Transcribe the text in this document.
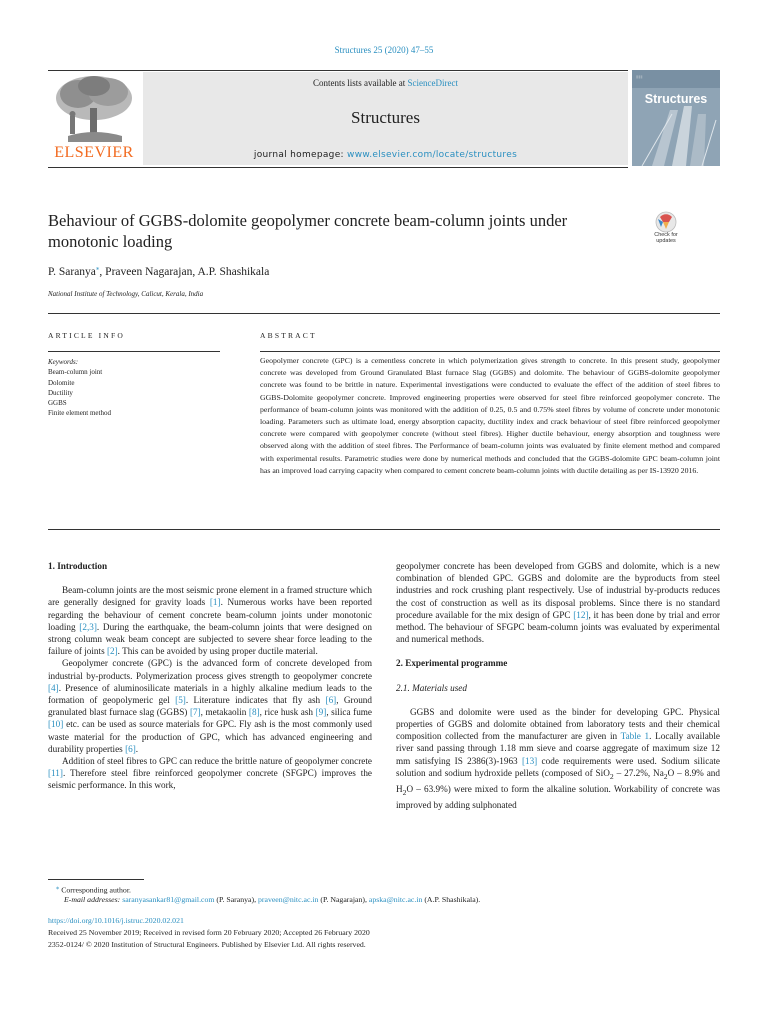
Structures 25 (2020) 47–55
ELSEVIER
Contents lists available at ScienceDirect
Structures
journal homepage: www.elsevier.com/locate/structures
Structures
Behaviour of GGBS-dolomite geopolymer concrete beam-column joints under monotonic loading	Check for updates
P. Saranya⁎, Praveen Nagarajan, A.P. Shashikala
National Institute of Technology, Calicut, Kerala, India
ARTICLE INFO	ABSTRACT
Keywords:
Beam-column joint
Dolomite
Ductility
GGBS
Finite element method
Geopolymer concrete (GPC) is a cementless concrete in which polymerization gives strength to concrete. In this present study, geopolymer concrete was developed from Ground Granulated Blast furnace Slag (GGBS) and dolomite. The behaviour of GGBS-dolomite geopolymer concrete was found to be brittle in nature. Experimental investigations were conducted to evaluate the effect of the addition of steel fibres to GGBS-Dolomite geopolymer concrete. Improved engineering properties were observed for steel fibre reinforced geopolymer concrete. The performance of beam-column joints was monitored with the addition of 0.25, 0.5 and 0.75% steel fibres by volume of concrete under monotonic loading. Parameters such as ultimate load, energy absorption capacity, ductility index and crack behaviour of steel fibre reinforced geopolymer concrete were compared with geopolymer concrete (without steel fibres). Higher ductile behaviour, energy absorption and toughness were observed along with the addition of steel fibres. The Performance of beam-column joints was evaluated by finite element method and compared with experimental results. Parametric studies were done by numerical methods and concluded that the GGBS-dolomite GPC beam-column joint has an improved load carrying capacity when compared to cement concrete beam-column joints with ductile detailing as per IS-13920 2016.
1. Introduction

Beam-column joints are the most seismic prone element in a framed structure which are generally designed for gravity loads [1]. Numerous works have been reported regarding the behaviour of cement concrete beam-column joints under monotonic loading [2,3]. During the earthquake, the beam-column joints that were designed on strong column weak beam concept are subjected to severe shear force leading to the failure of joints [2]. This can be avoided by using proper ductile material.

Geopolymer concrete (GPC) is the advanced form of concrete developed from industrial by-products. Polymerization process gives strength to geopolymer concrete [4]. Presence of aluminosilicate materials in a highly alkaline medium leads to the formation of geopolymeric gel [5]. Literature indicates that fly ash [6], Ground granulated blast furnace slag (GGBS) [7], metakaolin [8], rice husk ash [9], silica fume [10] etc. can be used as source materials for GPC. Fly ash is the most commonly used waste material for the production of GPC, which has advanced engineering and durability properties [6].

Addition of steel fibres to GPC can reduce the brittle nature of geopolymer concrete [11]. Therefore steel fibre reinforced geopolymer concrete (SFGPC) improves the seismic performance. In this work,

geopolymer concrete has been developed from GGBS and dolomite, which is a new combination of blended GPC. GGBS and dolomite are the byproducts from steel industries and rock crushing plant respectively. Use of industrial by-products reduces the cost of construction as well as its disposal problems. Since there is no standard procedure available for the mix design of GPC [12], it has been done by trial and error method. The behaviour of SFGPC beam-column joints was evaluated by experimental and numerical methods.

2. Experimental programme
2.1. Materials used

GGBS and dolomite were used as the binder for developing GPC. Physical properties of GGBS and dolomite obtained from laboratory tests and their chemical composition collected from the manufacturer are given in Table 1. Locally available river sand passing through 1.18 mm sieve and coarse aggregate of maximum size 12 mm satisfying IS 2386(3)-1963 [13] code requirements were used. Sodium silicate solution and sodium hydroxide pellets (composed of SiO$_2$ – 27.2%, $Na_2O - 8.9\%$ and $H_2O - 63.9\%$) were mixed to form the alkaline solution. Workability of concrete was improved by adding sulphonated

⁎ Corresponding author.
E-mail addresses: saranyasankar81@gmail.com (P. Saranya), praveen@nitc.ac.in (P. Nagarajan), apska@nitc.ac.in (A.P. Shashikala).
https://doi.org/10.1016/j.istruc.2020.02.021
Received 25 November 2019; Received in revised form 20 February 2020; Accepted 26 February 2020
2352-0124/ © 2020 Institution of Structural Engineers. Published by Elsevier Ltd. All rights reserved.
